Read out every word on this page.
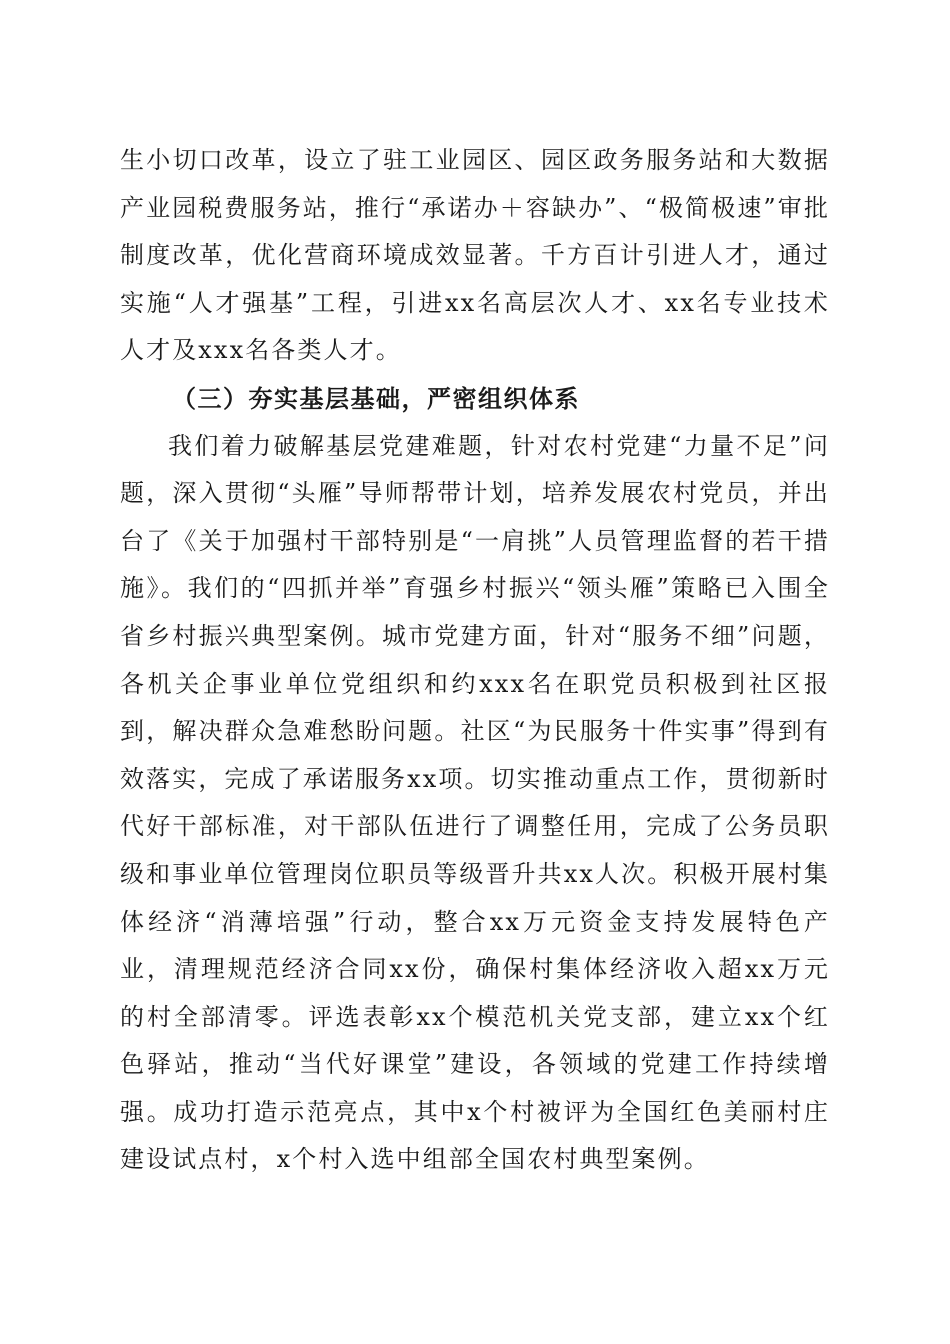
生小切口改革，设立了驻工业园区、园区政务服务站和大数据产业园税费服务站，推行“承诺办＋容缺办”、“极简极速”审批制度改革，优化营商环境成效显著。千方百计引进人才，通过实施“人才强基”工程，引进xx名高层次人才、xx名专业技术人才及xxx名各类人才。

（三）夯实基层基础，严密组织体系

我们着力破解基层党建难题，针对农村党建“力量不足”问题，深入贯彻“头雁”导师帮带计划，培养发展农村党员，并出台了《关于加强村干部特别是“一肩挑”人员管理监督的若干措施》。我们的“四抓并举”育强乡村振兴“领头雁”策略已入围全省乡村振兴典型案例。城市党建方面，针对“服务不细”问题，各机关企事业单位党组织和约xxx名在职党员积极到社区报到，解决群众急难愁盼问题。社区“为民服务十件实事”得到有效落实，完成了承诺服务xx项。切实推动重点工作，贯彻新时代好干部标准，对干部队伍进行了调整任用，完成了公务员职级和事业单位管理岗位职员等级晋升共xx人次。积极开展村集体经济“消薄培强”行动，整合xx万元资金支持发展特色产业，清理规范经济合同xx份，确保村集体经济收入超xx万元的村全部清零。评选表彰xx个模范机关党支部，建立xx个红色驿站，推动“当代好课堂”建设，各领域的党建工作持续增强。成功打造示范亮点，其中x个村被评为全国红色美丽村庄建设试点村，x个村入选中组部全国农村典型案例。
